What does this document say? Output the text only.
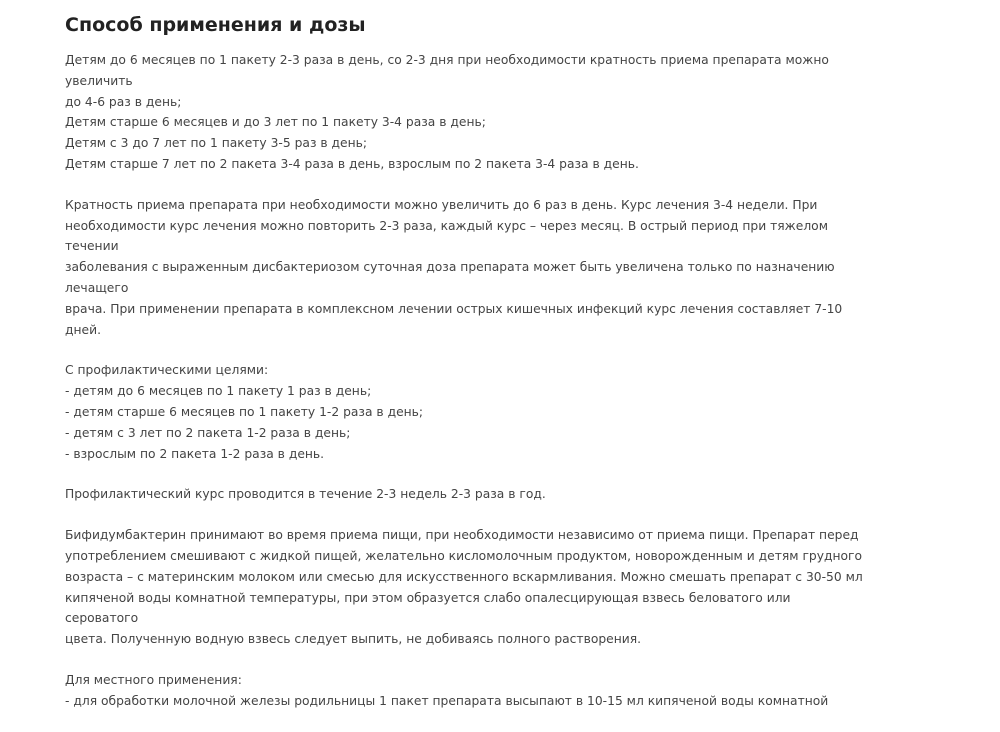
Способ применения и дозы

Детям до 6 месяцев по 1 пакету 2-3 раза в день, со 2-3 дня при необходимости кратность приема препарата можно увеличить
до 4-6 раз в день;
Детям старше 6 месяцев и до 3 лет по 1 пакету 3-4 раза в день;
Детям с 3 до 7 лет по 1 пакету 3-5 раз в день;
Детям старше 7 лет по 2 пакета 3-4 раза в день, взрослым по 2 пакета 3-4 раза в день.

Кратность приема препарата при необходимости можно увеличить до 6 раз в день. Курс лечения 3-4 недели. При
необходимости курс лечения можно повторить 2-3 раза, каждый курс – через месяц. В острый период при тяжелом течении
заболевания с выраженным дисбактериозом суточная доза препарата может быть увеличена только по назначению лечащего
врача. При применении препарата в комплексном лечении острых кишечных инфекций курс лечения составляет 7-10 дней.

С профилактическими целями:
- детям до 6 месяцев по 1 пакету 1 раз в день;
- детям старше 6 месяцев по 1 пакету 1-2 раза в день;
- детям с 3 лет по 2 пакета 1-2 раза в день;
- взрослым по 2 пакета 1-2 раза в день.

Профилактический курс проводится в течение 2-3 недель 2-3 раза в год.

Бифидумбактерин принимают во время приема пищи, при необходимости независимо от приема пищи. Препарат перед
употреблением смешивают с жидкой пищей, желательно кисломолочным продуктом, новорожденным и детям грудного
возраста – с материнским молоком или смесью для искусственного вскармливания. Можно смешать препарат с 30-50 мл
кипяченой воды комнатной температуры, при этом образуется слабо опалесцирующая взвесь беловатого или сероватого
цвета. Полученную водную взвесь следует выпить, не добиваясь полного растворения.

Для местного применения:
- для обработки молочной железы родильницы 1 пакет препарата высыпают в 10-15 мл кипяченой воды комнатной
